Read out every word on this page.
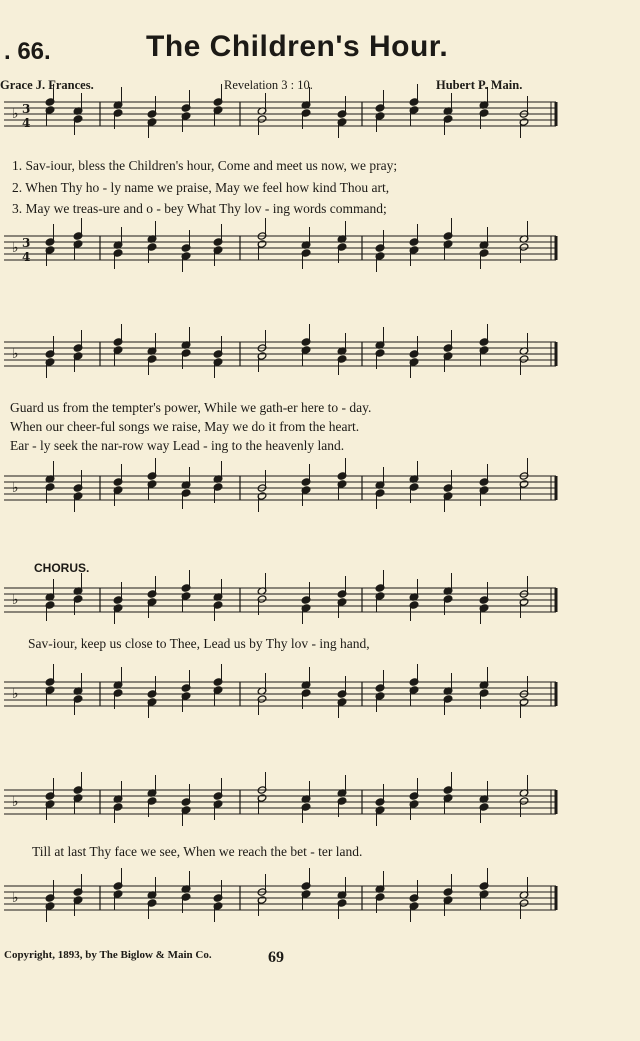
. 66.	The Children's Hour.
Grace J. Frances.	Revelation 3 : 10.	Hubert P. Main.
♭ 3
4
♭ 3
4
♭
♭
♭
♭
♭
♭
1. Sav-iour, bless the Children's hour, Come and meet us now, we pray;
2. When Thy ho - ly name we praise, May we feel how kind Thou art,
3. May we treas-ure and o - bey What Thy lov - ing words command;
Guard us from the tempter's power, While we gath-er here to - day.
When our cheer-ful songs we raise, May we do it from the heart.
Ear - ly seek the nar-row way Lead - ing to the heavenly land.
CHORUS.
Sav-iour, keep us close to Thee, Lead us by Thy lov - ing hand,
Till at last Thy face we see, When we reach the bet - ter land.
Copyright, 1893, by The Biglow & Main Co.	69
